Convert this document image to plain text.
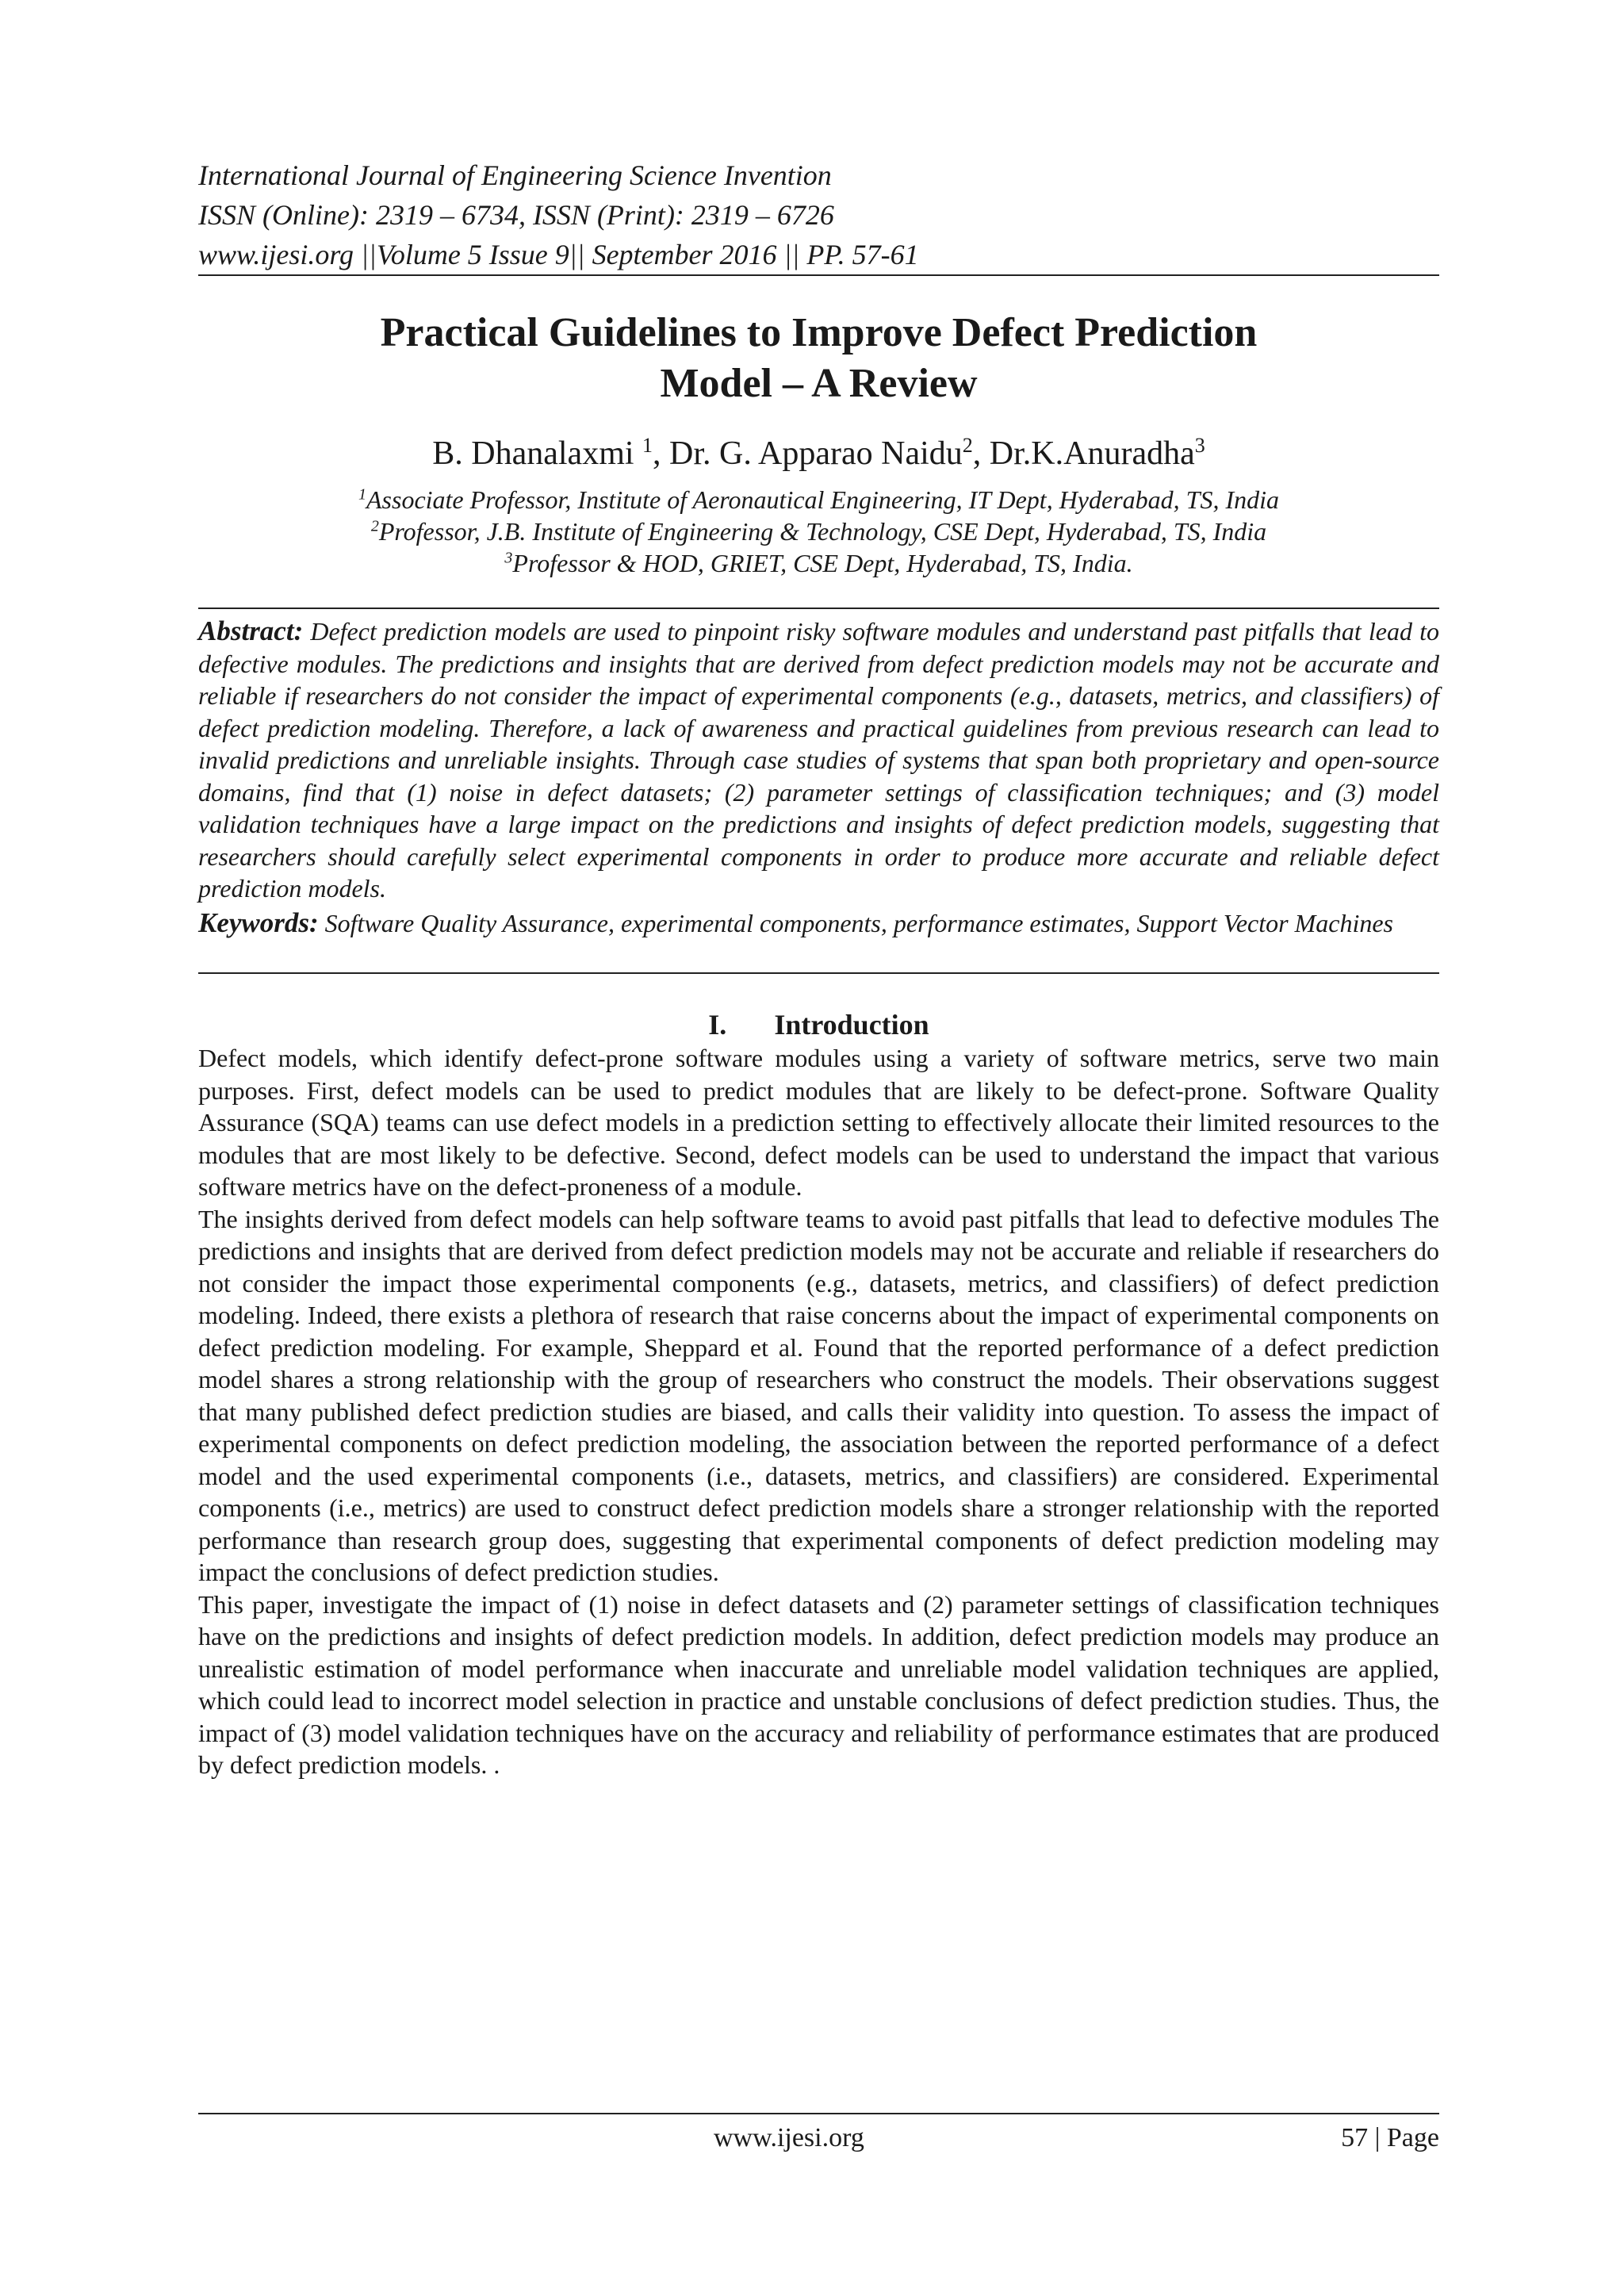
International Journal of Engineering Science Invention
ISSN (Online): 2319 – 6734, ISSN (Print): 2319 – 6726
www.ijesi.org ||Volume 5 Issue 9|| September 2016 || PP. 57-61
Practical Guidelines to Improve Defect Prediction
Model – A Review
B. Dhanalaxmi $^1$, Dr. G. Apparao Naidu$^2$, Dr.K.Anuradha$^3$
$^1$Associate Professor, Institute of Aeronautical Engineering, IT Dept, Hyderabad, TS, India
$^2$Professor, J.B. Institute of Engineering & Technology, CSE Dept, Hyderabad, TS, India
$^3$Professor & HOD, GRIET, CSE Dept, Hyderabad, TS, India.
Abstract: Defect prediction models are used to pinpoint risky software modules and understand past pitfalls that lead to defective modules. The predictions and insights that are derived from defect prediction models may not be accurate and reliable if researchers do not consider the impact of experimental components (e.g., datasets, metrics, and classifiers) of defect prediction modeling. Therefore, a lack of awareness and practical guidelines from previous research can lead to invalid predictions and unreliable insights. Through case studies of systems that span both proprietary and open-source domains, find that (1) noise in defect datasets; (2) parameter settings of classification techniques; and (3) model validation techniques have a large impact on the predictions and insights of defect prediction models, suggesting that researchers should carefully select experimental components in order to produce more accurate and reliable defect prediction models.
Keywords: Software Quality Assurance, experimental components, performance estimates, Support Vector Machines
I. Introduction

Defect models, which identify defect-prone software modules using a variety of software metrics, serve two main purposes. First, defect models can be used to predict modules that are likely to be defect-prone. Software Quality Assurance (SQA) teams can use defect models in a prediction setting to effectively allocate their limited resources to the modules that are most likely to be defective. Second, defect models can be used to understand the impact that various software metrics have on the defect-proneness of a module.

The insights derived from defect models can help software teams to avoid past pitfalls that lead to defective modules The predictions and insights that are derived from defect prediction models may not be accurate and reliable if researchers do not consider the impact those experimental components (e.g., datasets, metrics, and classifiers) of defect prediction modeling. Indeed, there exists a plethora of research that raise concerns about the impact of experimental components on defect prediction modeling. For example, Sheppard et al. Found that the reported performance of a defect prediction model shares a strong relationship with the group of researchers who construct the models. Their observations suggest that many published defect prediction studies are biased, and calls their validity into question. To assess the impact of experimental components on defect prediction modeling, the association between the reported performance of a defect model and the used experimental components (i.e., datasets, metrics, and classifiers) are considered. Experimental components (i.e., metrics) are used to construct defect prediction models share a stronger relationship with the reported performance than research group does, suggesting that experimental components of defect prediction modeling may impact the conclusions of defect prediction studies.

This paper, investigate the impact of (1) noise in defect datasets and (2) parameter settings of classification techniques have on the predictions and insights of defect prediction models. In addition, defect prediction models may produce an unrealistic estimation of model performance when inaccurate and unreliable model validation techniques are applied, which could lead to incorrect model selection in practice and unstable conclusions of defect prediction studies. Thus, the impact of (3) model validation techniques have on the accuracy and reliability of performance estimates that are produced by defect prediction models. .

www.ijesi.org	57 | Page
